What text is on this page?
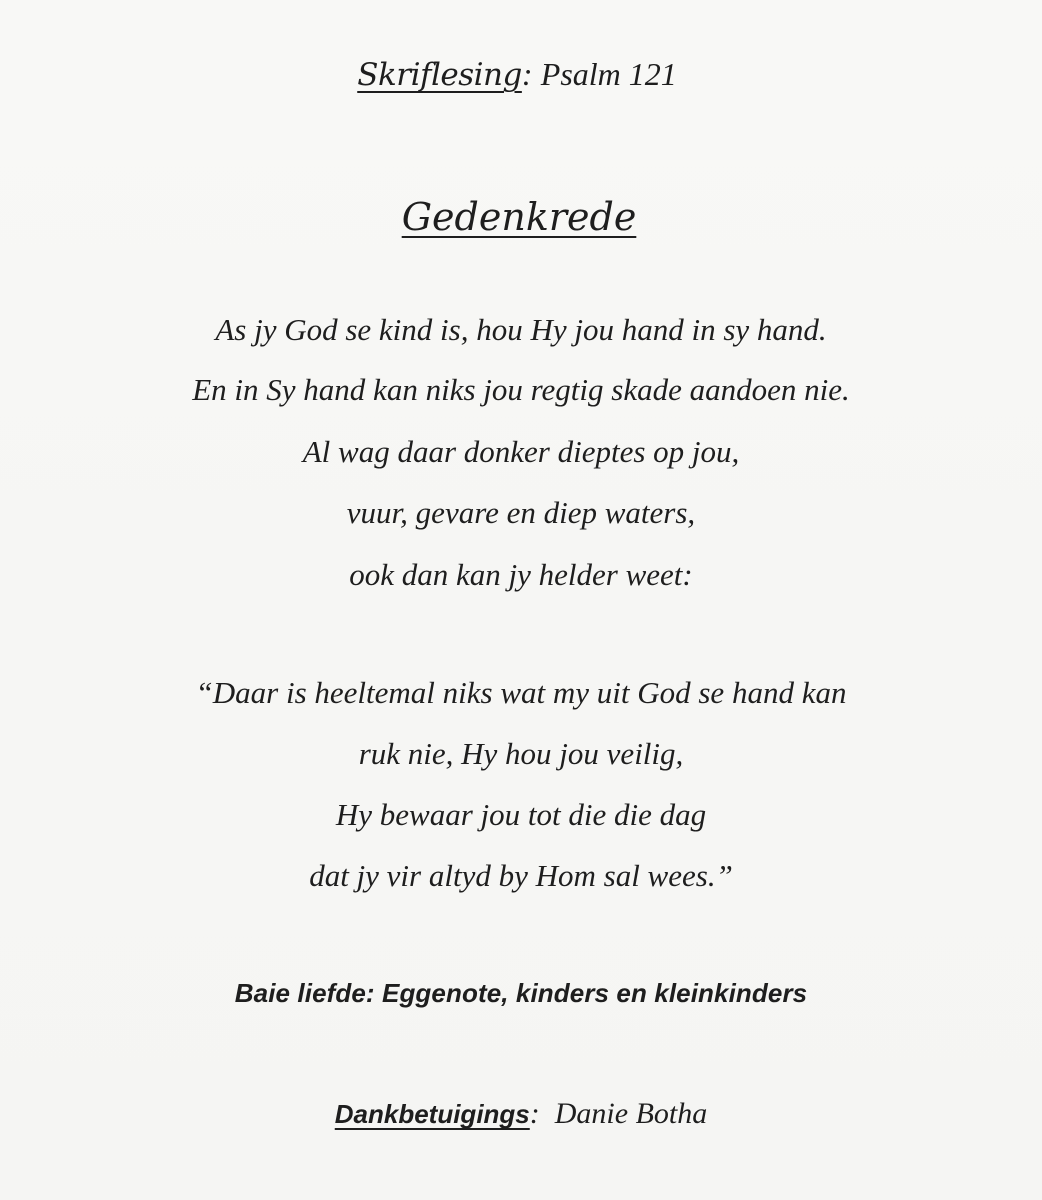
Skriflesing: Psalm 121
Gedenkrede
As jy God se kind is, hou Hy jou hand in sy hand.
En in Sy hand kan niks jou regtig skade aandoen nie.
Al wag daar donker dieptes op jou,
vuur, gevare en diep waters,
ook dan kan jy helder weet:
“Daar is heeltemal niks wat my uit God se hand kan
ruk nie, Hy hou jou veilig,
Hy bewaar jou tot die die dag
dat jy vir altyd by Hom sal wees.”
Baie liefde: Eggenote, kinders en kleinkinders
Dankbetuigings: Danie Botha
